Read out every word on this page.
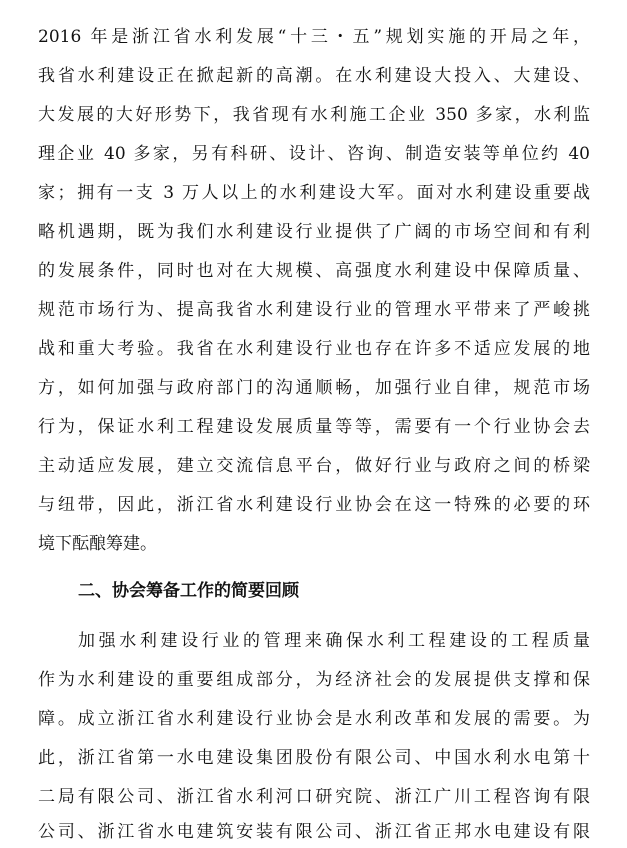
2016 年是浙江省水利发展“十三・五”规划实施的开局之年，
我省水利建设正在掀起新的高潮。在水利建设大投入、大建设、
大发展的大好形势下，我省现有水利施工企业 350 多家，水利监
理企业 40 多家，另有科研、设计、咨询、制造安装等单位约 40
家；拥有一支 3 万人以上的水利建设大军。面对水利建设重要战
略机遇期，既为我们水利建设行业提供了广阔的市场空间和有利
的发展条件，同时也对在大规模、高强度水利建设中保障质量、
规范市场行为、提高我省水利建设行业的管理水平带来了严峻挑
战和重大考验。我省在水利建设行业也存在许多不适应发展的地
方，如何加强与政府部门的沟通顺畅，加强行业自律，规范市场
行为，保证水利工程建设发展质量等等，需要有一个行业协会去
主动适应发展，建立交流信息平台，做好行业与政府之间的桥梁
与纽带，因此，浙江省水利建设行业协会在这一特殊的必要的环
境下酝酿筹建。
二、协会筹备工作的简要回顾
加强水利建设行业的管理来确保水利工程建设的工程质量
作为水利建设的重要组成部分，为经济社会的发展提供支撑和保
障。成立浙江省水利建设行业协会是水利改革和发展的需要。为
此，浙江省第一水电建设集团股份有限公司、中国水利水电第十
二局有限公司、浙江省水利河口研究院、浙江广川工程咨询有限
公司、浙江省水电建筑安装有限公司、浙江省正邦水电建设有限
